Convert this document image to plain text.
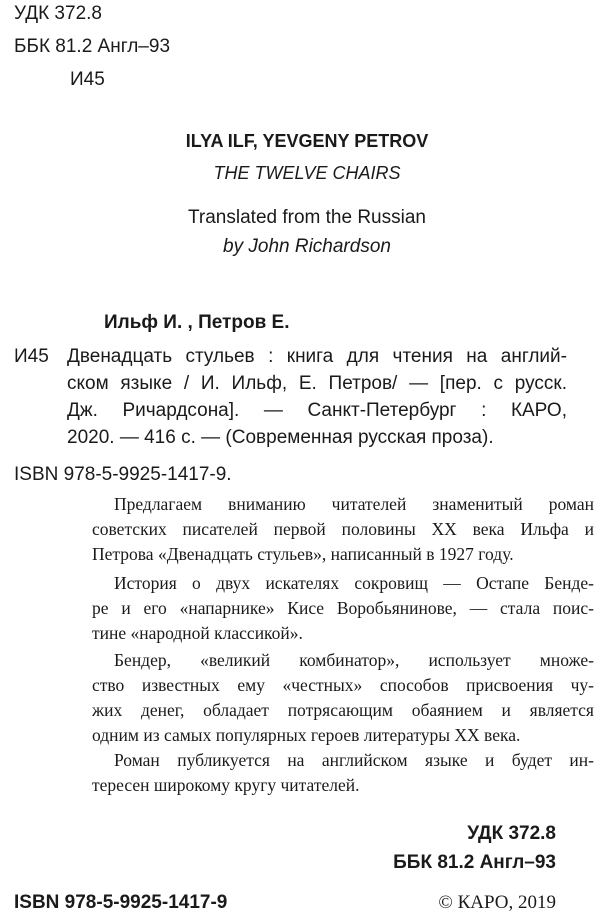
УДК 372.8
ББК 81.2 Англ–93
И45
ILYA ILF, YEVGENY PETROV
THE TWELVE CHAIRS
Translated from the Russian
by John Richardson
Ильф И. , Петров Е.
И45 Двенадцать стульев : книга для чтения на англий-
ском языке / И. Ильф, Е. Петров/ — [пер. с русск.
Дж. Ричардсона]. — Санкт-Петербург : КАРО,
2020. — 416 с. — (Современная русская проза).
ISBN 978-5-9925-1417-9.
Предлагаем вниманию читателей знаменитый роман
советских писателей первой половины XX века Ильфа и
Петрова «Двенадцать стульев», написанный в 1927 году.
История о двух искателях сокровищ — Остапе Бенде-
ре и его «напарнике» Кисе Воробьянинове, — стала поис-
тине «народной классикой».
Бендер, «великий комбинатор», использует множе-
ство известных ему «честных» способов присвоения чу-
жих денег, обладает потрясающим обаянием и является
одним из самых популярных героев литературы XX века.
Роман публикуется на английском языке и будет ин-
тересен широкому кругу читателей.
УДК 372.8
ББК 81.2 Англ–93
ISBN 978-5-9925-1417-9	© КАРО, 2019
